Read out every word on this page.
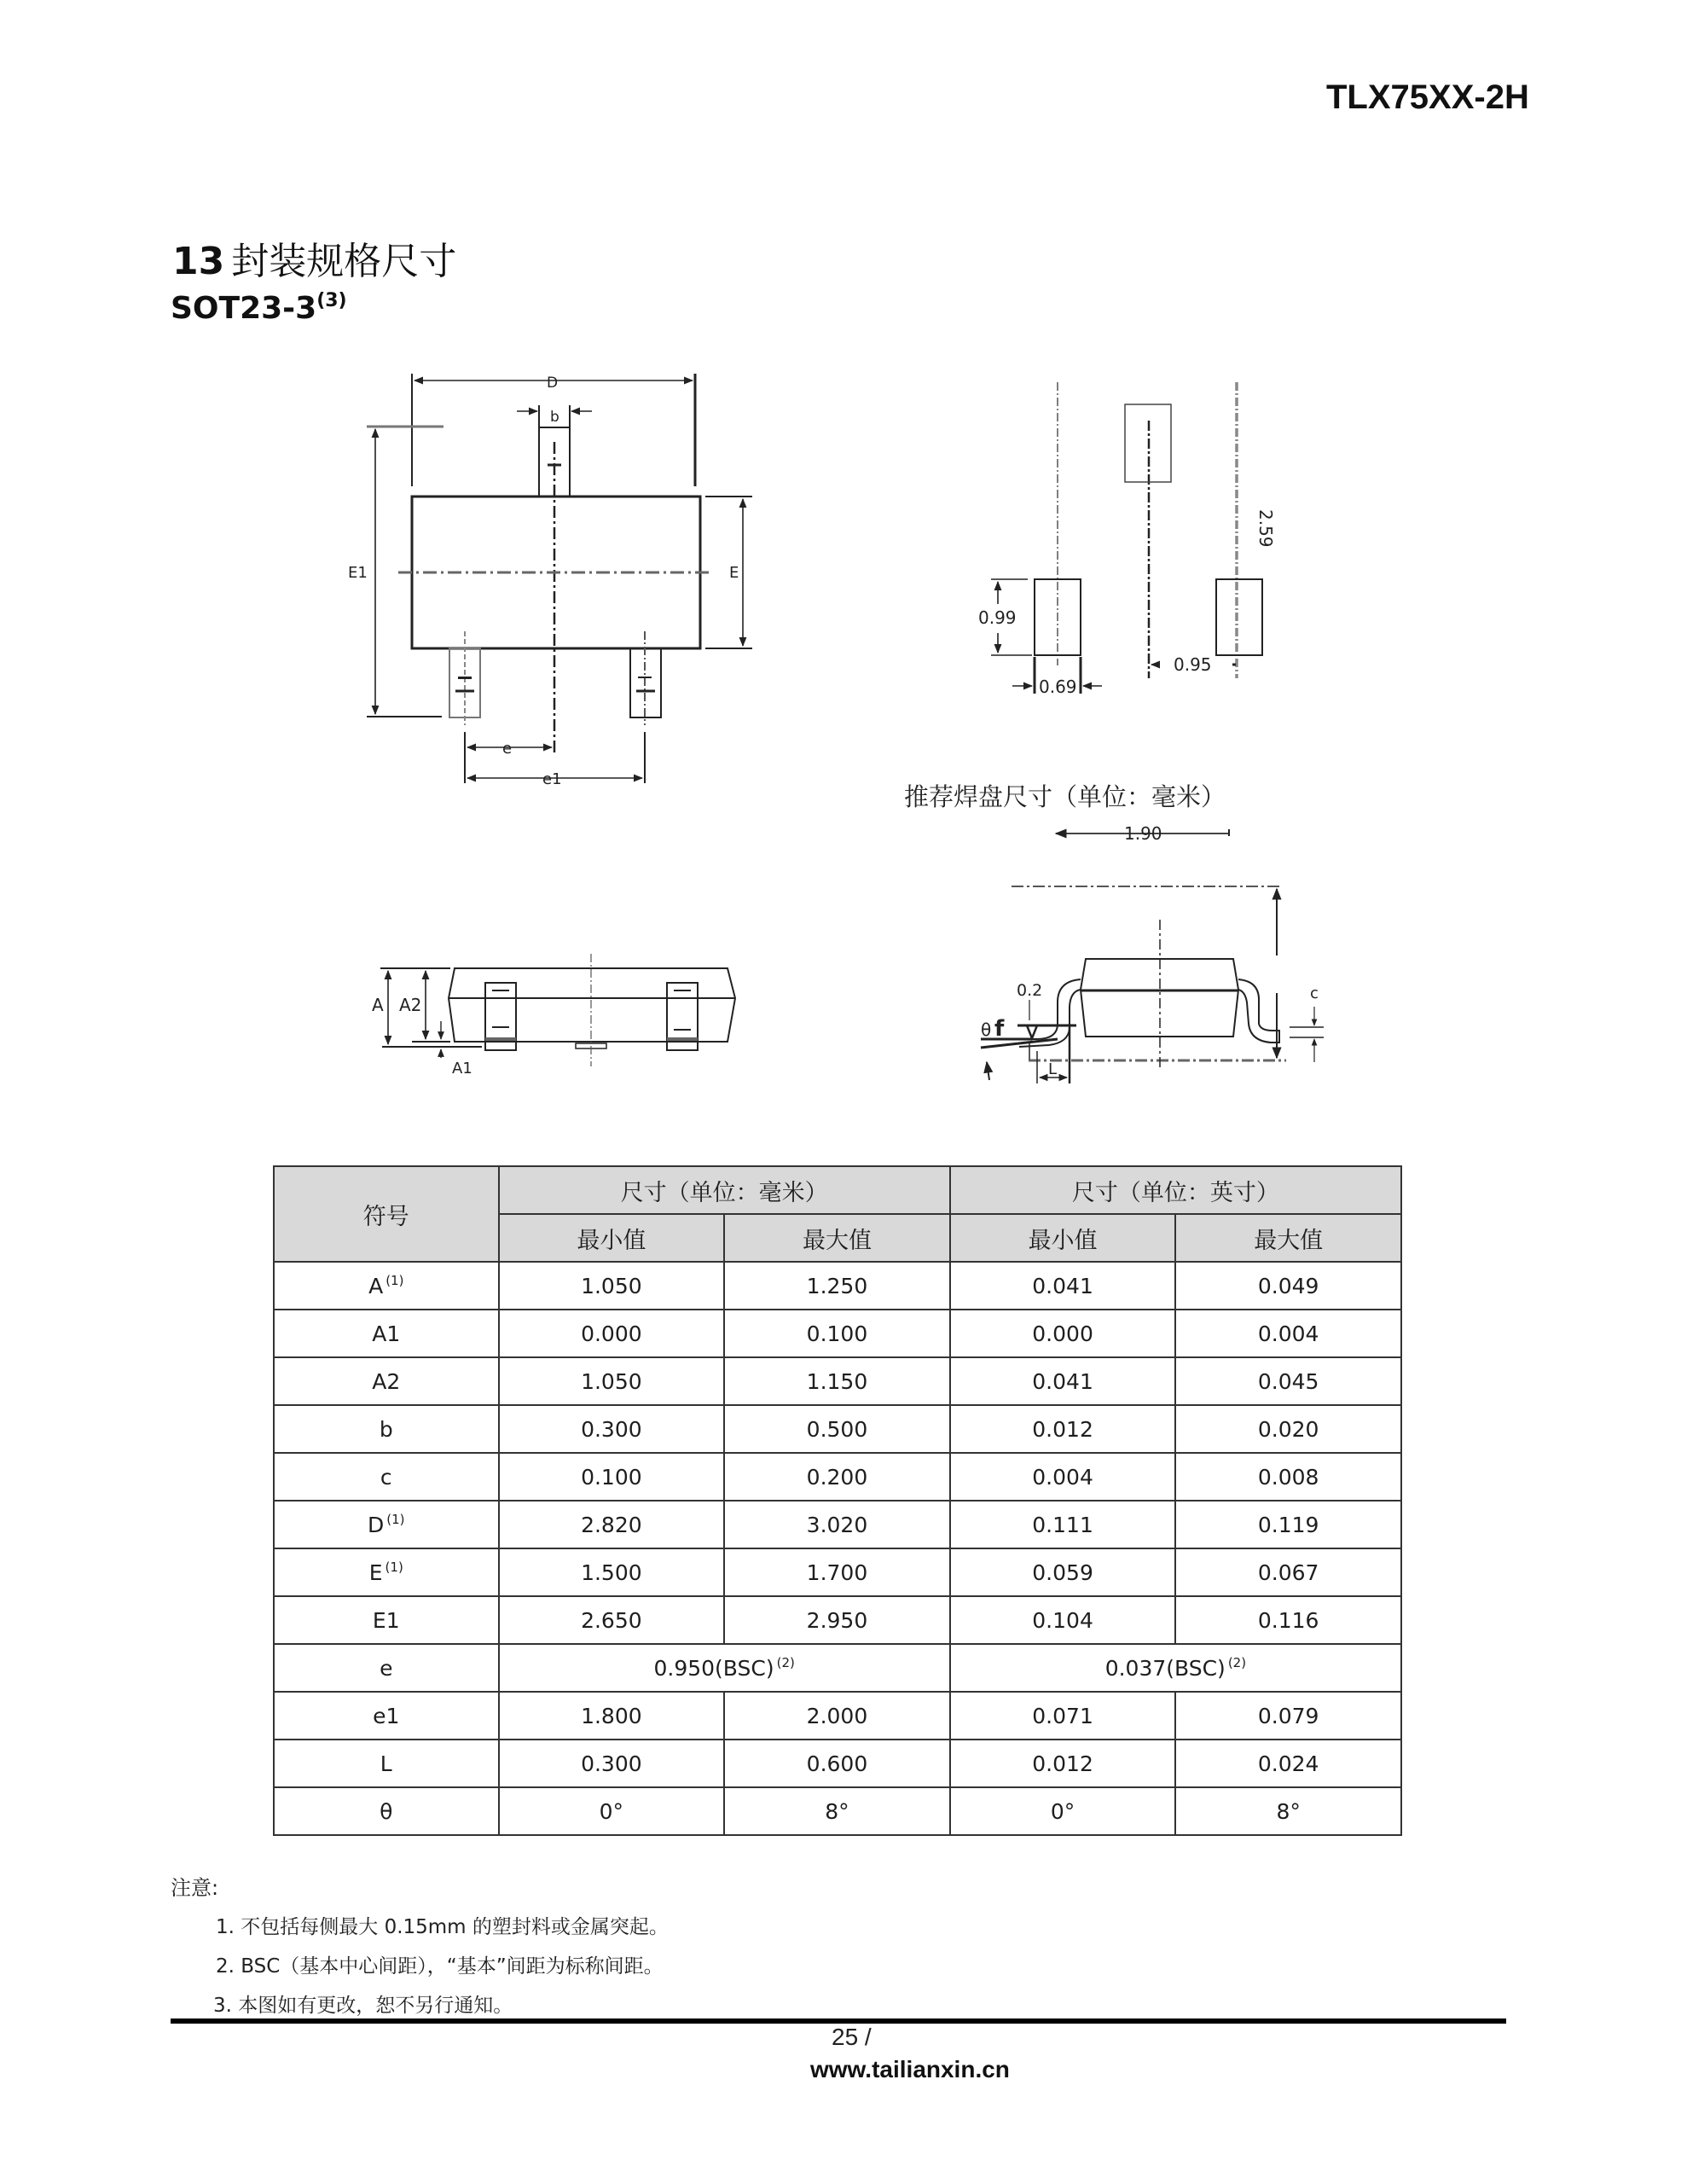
TLX75XX-2H
13 封装规格尺寸
SOT23-3$^{(3)}$
D
b
E1	E
e
e1
0.99
0.69
0.95
2.59
1.90
A A2
A1
0.2
θ f
L
c
推荐焊盘尺寸（单位：毫米）
符号	尺寸（单位：毫米）		尺寸（单位：英寸）	
	最小值	最大值	最小值	最大值
A $^{(1)}$	1.050	1.250	0.041	0.049
A1	0.000	0.100	0.000	0.004
A2	1.050	1.150	0.041	0.045
b	0.300	0.500	0.012	0.020
c	0.100	0.200	0.004	0.008
D $^{(1)}$	2.820	3.020	0.111	0.119
E $^{(1)}$	1.500	1.700	0.059	0.067
E1	2.650	2.950	0.104	0.116
e	0.950(BSC) $^{(2)}$		0.037(BSC) $^{(2)}$
e1	1.800	2.000	0.071	0.079
L	0.300	0.600	0.012	0.024
θ	0°	8°	0°	8°
注意:
1. 不包括每侧最大 0.15mm 的塑封料或金属突起。
2. BSC（基本中心间距），“基本”间距为标称间距。
3. 本图如有更改，恕不另行通知。
25 /
www.tailianxin.cn
